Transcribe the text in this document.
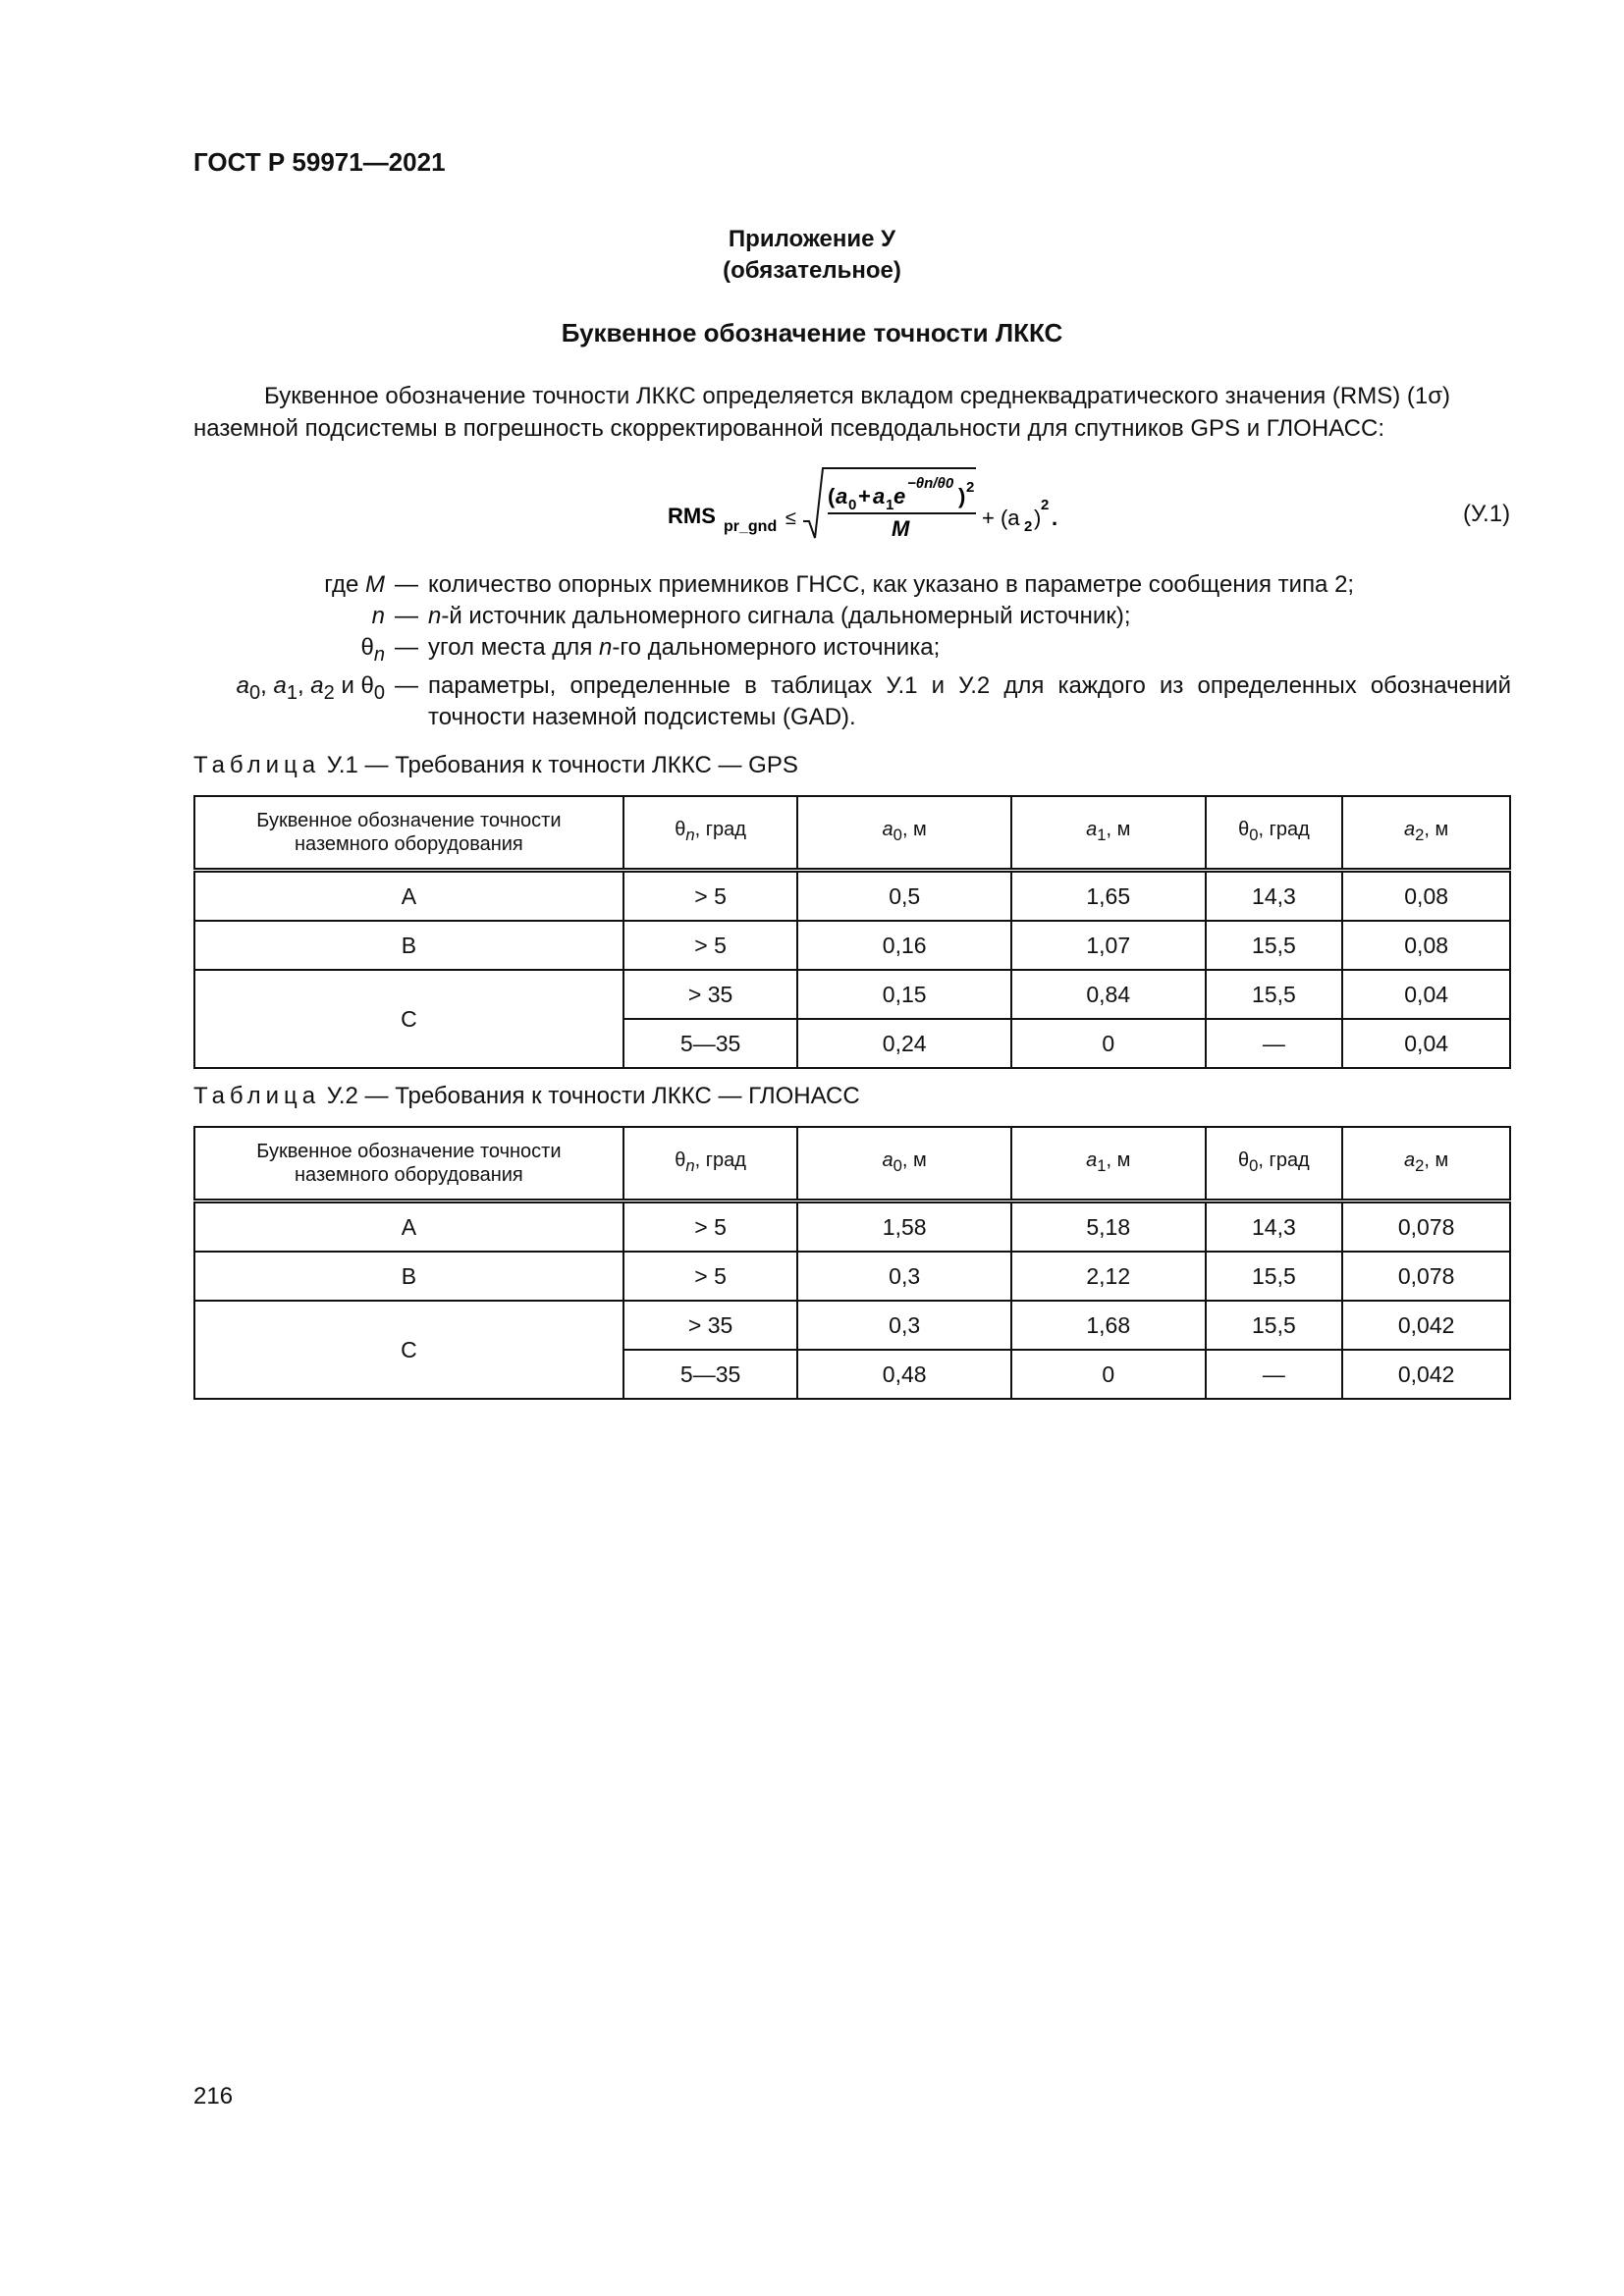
ГОСТ Р 59971—2021
Приложение У
(обязательное)
Буквенное обозначение точности ЛККС
Буквенное обозначение точности ЛККС определяется вкладом среднеквадратического значения (RMS) (1σ)
наземной подсистемы в погрешность скорректированной псевдодальности для спутников GPS и ГЛОНАСС:
RMS pr_gnd ≤
( a 0 + a 1 e
−θn/θ0
) 2
M	+ (a 2 )
2
.	(У.1)
где M — количество опорных приемников ГНСС, как указано в параметре сообщения типа 2;
n — n-й источник дальномерного сигнала (дальномерный источник);
$\theta_n$ — угол места для n-го дальномерного источника;
$a_0$, $a_1$, $a_2$ и $\theta_0$ — параметры, определенные в таблицах У.1 и У.2 для каждого из определенных обозначений точности наземной подсистемы (GAD).
Таблица У.1 — Требования к точности ЛККС — GPS
Буквенное обозначение точности наземного оборудования	$\theta_n$, град	$a_0$, м	$a_1$, м	$\theta_0$, град	$a_2$, м
A	> 5	0,5	1,65	14,3	0,08
B	> 5	0,16	1,07	15,5	0,08
C	> 35	0,15	0,84	15,5	0,04
	5—35	0,24	0	—	0,04
Таблица У.2 — Требования к точности ЛККС — ГЛОНАСС
Буквенное обозначение точности наземного оборудования	$\theta_n$, град	$a_0$, м	$a_1$, м	$\theta_0$, град	$a_2$, м
A	> 5	1,58	5,18	14,3	0,078
B	> 5	0,3	2,12	15,5	0,078
C	> 35	0,3	1,68	15,5	0,042
	5—35	0,48	0	—	0,042
216
